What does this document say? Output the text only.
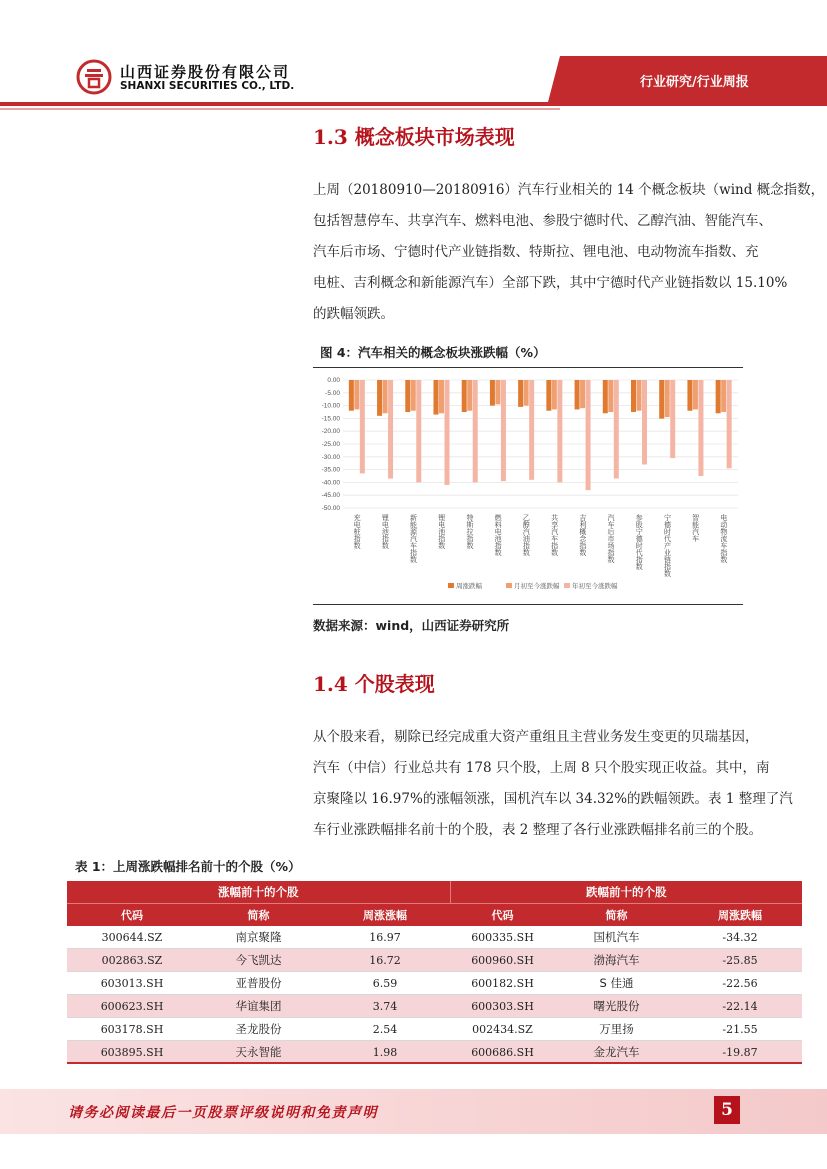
山西证券股份有限公司
SHANXI SECURITIES CO., LTD.	行业研究/行业周报
1.3 概念板块市场表现

上周（20180910—20180916）汽车行业相关的 14 个概念板块（wind 概念指数，

包括智慧停车、共享汽车、燃料电池、参股宁德时代、乙醇汽油、智能汽车、

汽车后市场、宁德时代产业链指数、特斯拉、锂电池、电动物流车指数、充

电桩、吉利概念和新能源汽车）全部下跌，其中宁德时代产业链指数以 15.10%

的跌幅领跌。

图 4：汽车相关的概念板块涨跌幅（%）
0.00
-5.00
-10.00
-15.00
-20.00
-25.00
-30.00
-35.00
-40.00
-45.00
-50.00
充电桩指数	锂电池指数	新能源汽车指数	锂电池指数	特斯拉指数	燃料电池指数	乙醇汽油指数	共享汽车指数	吉利概念指数	汽车后市场指数	参股宁德时代指数	宁德时代产业链指数	智能汽车	电动物流车指数
周涨跌幅	月初至今涨跌幅 年初至今涨跌幅
数据来源：wind，山西证券研究所
1.4 个股表现

从个股来看，剔除已经完成重大资产重组且主营业务发生变更的贝瑞基因，

汽车（中信）行业总共有 178 只个股，上周 8 只个股实现正收益。其中，南

京聚隆以 16.97%的涨幅领涨，国机汽车以 34.32%的跌幅领跌。表 1 整理了汽

车行业涨跌幅排名前十的个股，表 2 整理了各行业涨跌幅排名前三的个股。

表 1：上周涨跌幅排名前十的个股（%）
涨幅前十的个股			跌幅前十的个股		
代码	简称	周涨涨幅	代码	简称	周涨跌幅
300644.SZ	南京聚隆	16.97	600335.SH	国机汽车	-34.32
002863.SZ	今飞凯达	16.72	600960.SH	渤海汽车	-25.85
603013.SH	亚普股份	6.59	600182.SH	S 佳通	-22.56
600623.SH	华谊集团	3.74	600303.SH	曙光股份	-22.14
603178.SH	圣龙股份	2.54	002434.SZ	万里扬	-21.55
603895.SH	天永智能	1.98	600686.SH	金龙汽车	-19.87
请务必阅读最后一页股票评级说明和免责声明	5
